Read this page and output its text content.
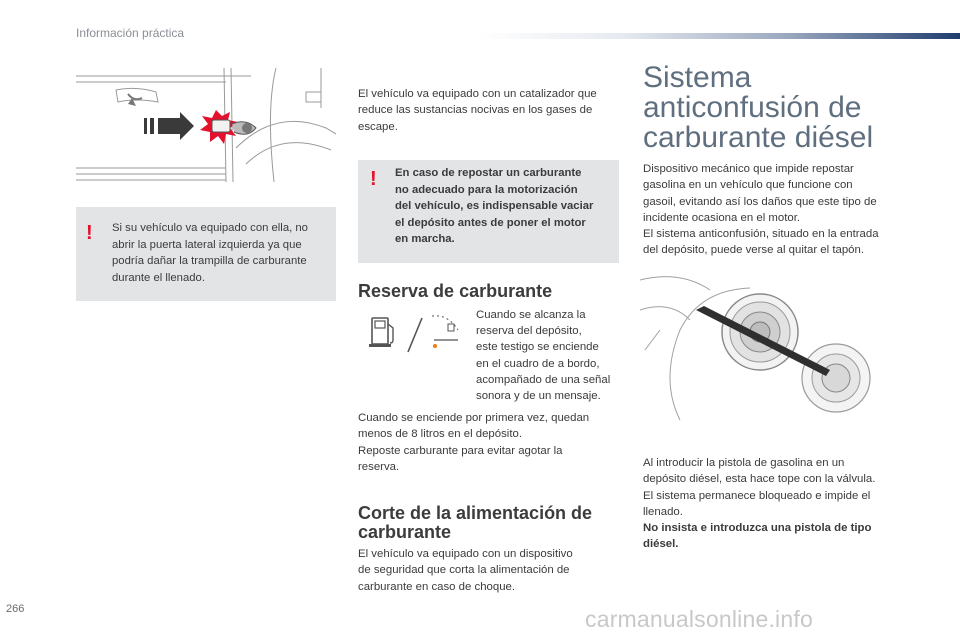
Información práctica
! Si su vehículo va equipado con ella, no
abrir la puerta lateral izquierda ya que
podría dañar la trampilla de carburante
durante el llenado.
El vehículo va equipado con un catalizador que
reduce las sustancias nocivas en los gases de
escape.
! En caso de repostar un carburante
no adecuado para la motorización
del vehículo, es indispensable vaciar
el depósito antes de poner el motor
en marcha.
Reserva de carburante
Cuando se alcanza la
reserva del depósito,
este testigo se enciende
en el cuadro de a bordo,
acompañado de una señal
sonora y de un mensaje.
Cuando se enciende por primera vez, quedan
menos de 8 litros en el depósito.
Reposte carburante para evitar agotar la
reserva.
Corte de la alimentación de
carburante
El vehículo va equipado con un dispositivo
de seguridad que corta la alimentación de
carburante en caso de choque.
Sistema
anticonfusión de
carburante diésel
Dispositivo mecánico que impide repostar
gasolina en un vehículo que funcione con
gasoil, evitando así los daños que este tipo de
incidente ocasiona en el motor.
El sistema anticonfusión, situado en la entrada
del depósito, puede verse al quitar el tapón.
Al introducir la pistola de gasolina en un
depósito diésel, esta hace tope con la válvula.
El sistema permanece bloqueado e impide el
llenado.
No insista e introduzca una pistola de tipo
diésel.
266	carmanualsonline.info
